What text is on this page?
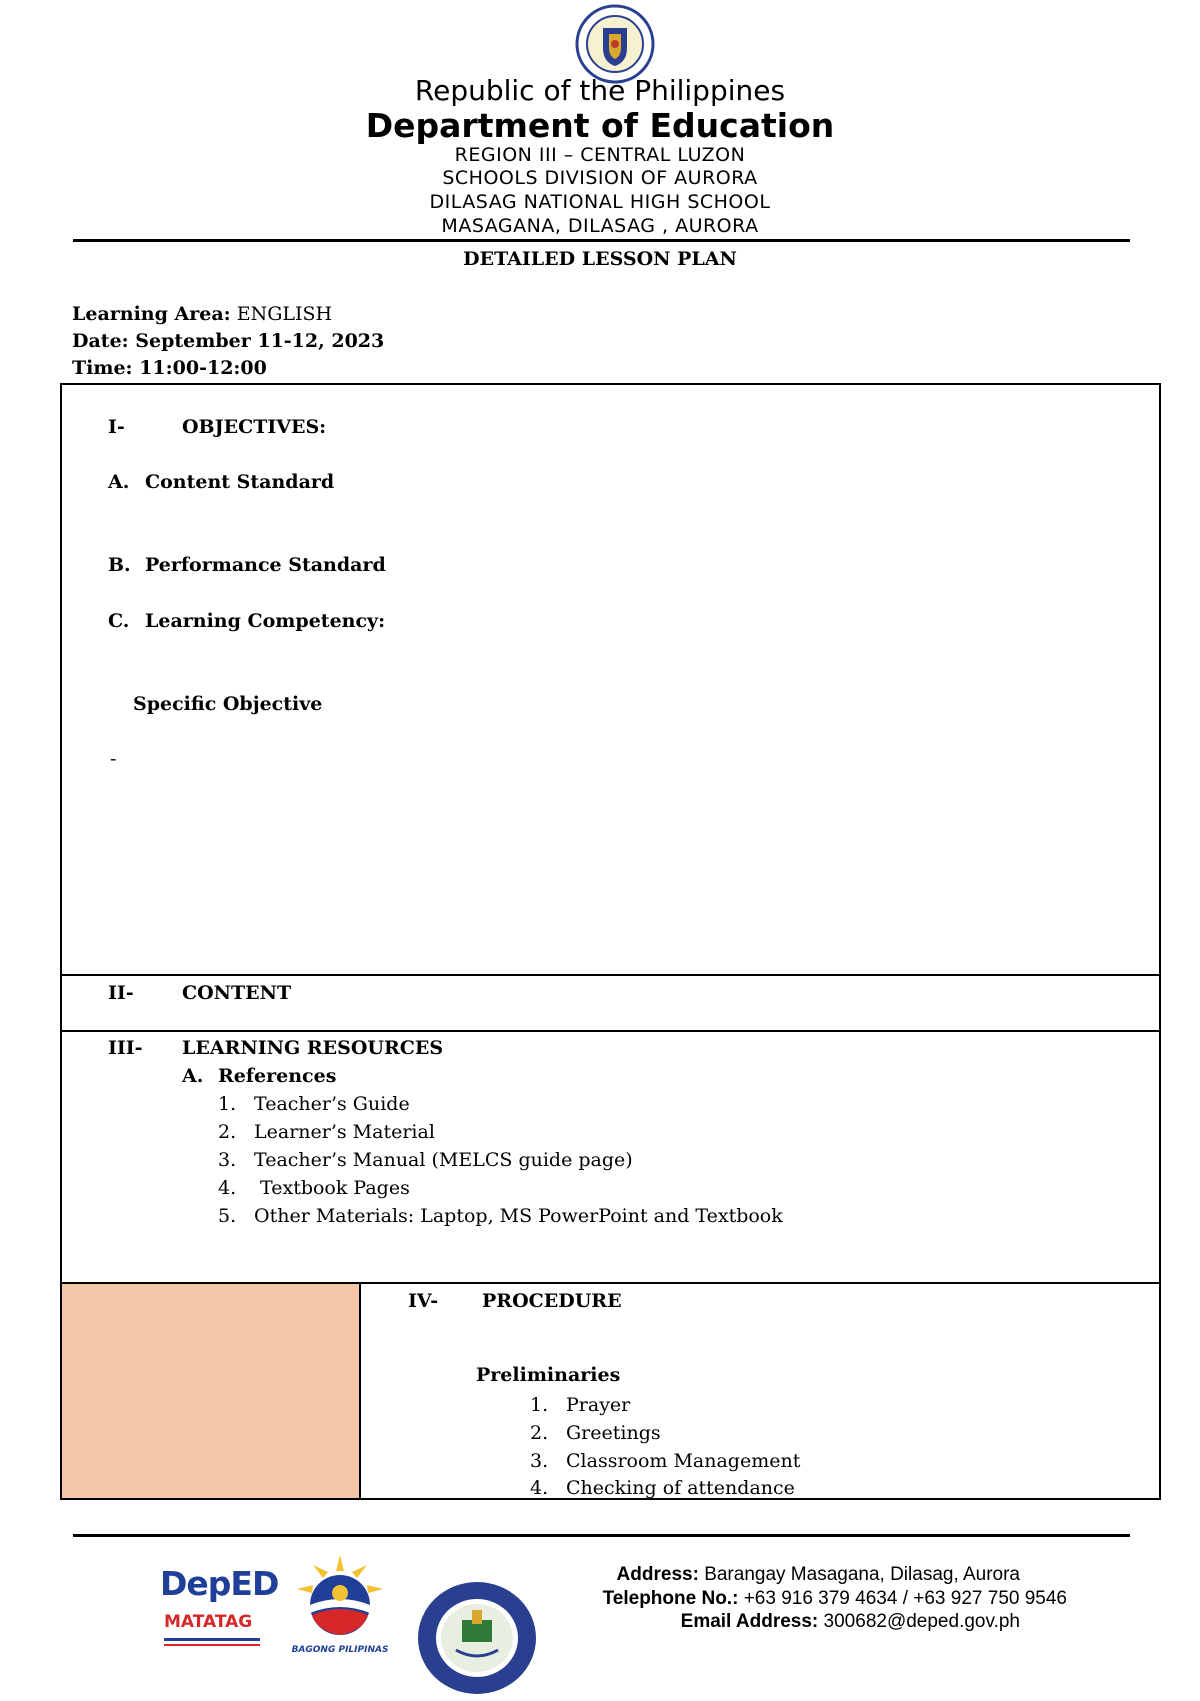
Republic of the Philippines
Department of Education
REGION III – CENTRAL LUZON
SCHOOLS DIVISION OF AURORA
DILASAG NATIONAL HIGH SCHOOL
MASAGANA, DILASAG , AURORA
DETAILED LESSON PLAN
Learning Area: ENGLISH
Date: September 11-12, 2023
Time: 11:00-12:00
I-	OBJECTIVES:
A. Content Standard
B. Performance Standard
C. Learning Competency:
Specific Objective
-
II-	CONTENT
III- LEARNING RESOURCES
A. References
1. Teacher’s Guide
2. Learner’s Material
3. Teacher’s Manual (MELCS guide page)
4. Textbook Pages
5. Other Materials: Laptop, MS PowerPoint and Textbook
IV- PROCEDURE
Preliminaries
1. Prayer
2. Greetings
3. Classroom Management
4. Checking of attendance
DepED
MATATAG
BAGONG PILIPINAS
Address: Barangay Masagana, Dilasag, Aurora
Telephone No.: +63 916 379 4634 / +63 927 750 9546
Email Address: 300682@deped.gov.ph
